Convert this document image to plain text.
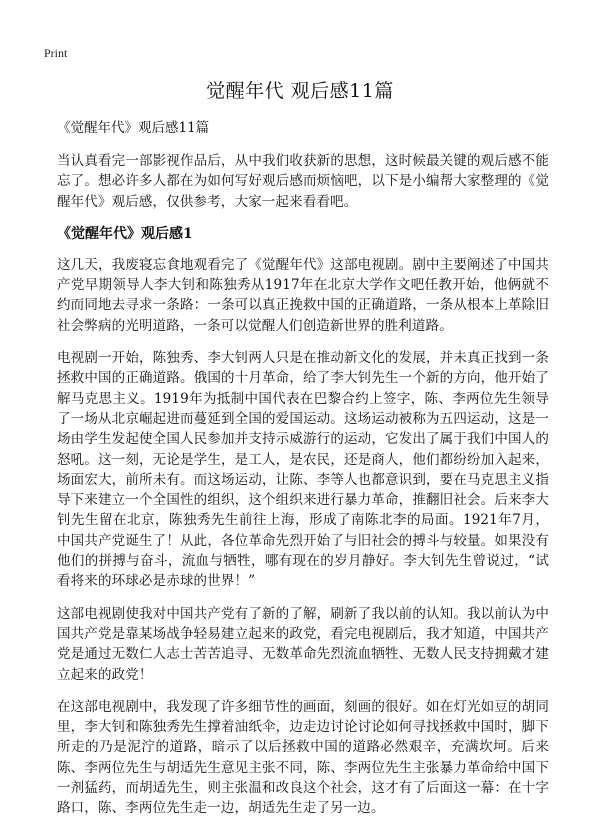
Print
觉醒年代 观后感11篇
《觉醒年代》观后感11篇

当认真看完一部影视作品后，从中我们收获新的思想，这时候最关键的观后感不能忘了。想必许多人都在为如何写好观后感而烦恼吧，以下是小编帮大家整理的《觉醒年代》观后感，仅供参考，大家一起来看看吧。

《觉醒年代》观后感1

这几天，我废寝忘食地观看完了《觉醒年代》这部电视剧。剧中主要阐述了中国共产党早期领导人李大钊和陈独秀从1917年在北京大学作文吧任教开始，他俩就不约而同地去寻求一条路：一条可以真正挽救中国的正确道路，一条从根本上革除旧社会弊病的光明道路，一条可以觉醒人们创造新世界的胜利道路。

电视剧一开始，陈独秀、李大钊两人只是在推动新文化的发展，并未真正找到一条拯救中国的正确道路。俄国的十月革命，给了李大钊先生一个新的方向，他开始了解马克思主义。1919年为抵制中国代表在巴黎合约上签字，陈、李两位先生领导了一场从北京崛起进而蔓延到全国的爱国运动。这场运动被称为五四运动，这是一场由学生发起使全国人民参加并支持示威游行的运动，它发出了属于我们中国人的怒吼。这一刻，无论是学生，是工人，是农民，还是商人，他们都纷纷加入起来，场面宏大，前所未有。而这场运动，让陈、李等人也都意识到，要在马克思主义指导下来建立一个全国性的组织，这个组织来进行暴力革命，推翻旧社会。后来李大钊先生留在北京，陈独秀先生前往上海，形成了南陈北李的局面。1921年7月，中国共产党诞生了！从此，各位革命先烈开始了与旧社会的搏斗与较量。如果没有他们的拼搏与奋斗，流血与牺牲，哪有现在的岁月静好。李大钊先生曾说过，“试看将来的环球必是赤球的世界！”

这部电视剧使我对中国共产党有了新的了解，刷新了我以前的认知。我以前认为中国共产党是靠某场战争轻易建立起来的政党，看完电视剧后，我才知道，中国共产党是通过无数仁人志士苦苦追寻、无数革命先烈流血牺牲、无数人民支持拥戴才建立起来的政党！

在这部电视剧中，我发现了许多细节性的画面，刻画的很好。如在灯光如豆的胡同里，李大钊和陈独秀先生撑着油纸伞，边走边讨论讨论如何寻找拯救中国时，脚下所走的乃是泥泞的道路，暗示了以后拯救中国的道路必然艰辛，充满坎坷。后来陈、李两位先生与胡适先生意见主张不同，陈、李两位先生主张暴力革命给中国下一剂猛药，而胡适先生，则主张温和改良这个社会，这才有了后面这一幕：在十字路口，陈、李两位先生走一边，胡适先生走了另一边。
